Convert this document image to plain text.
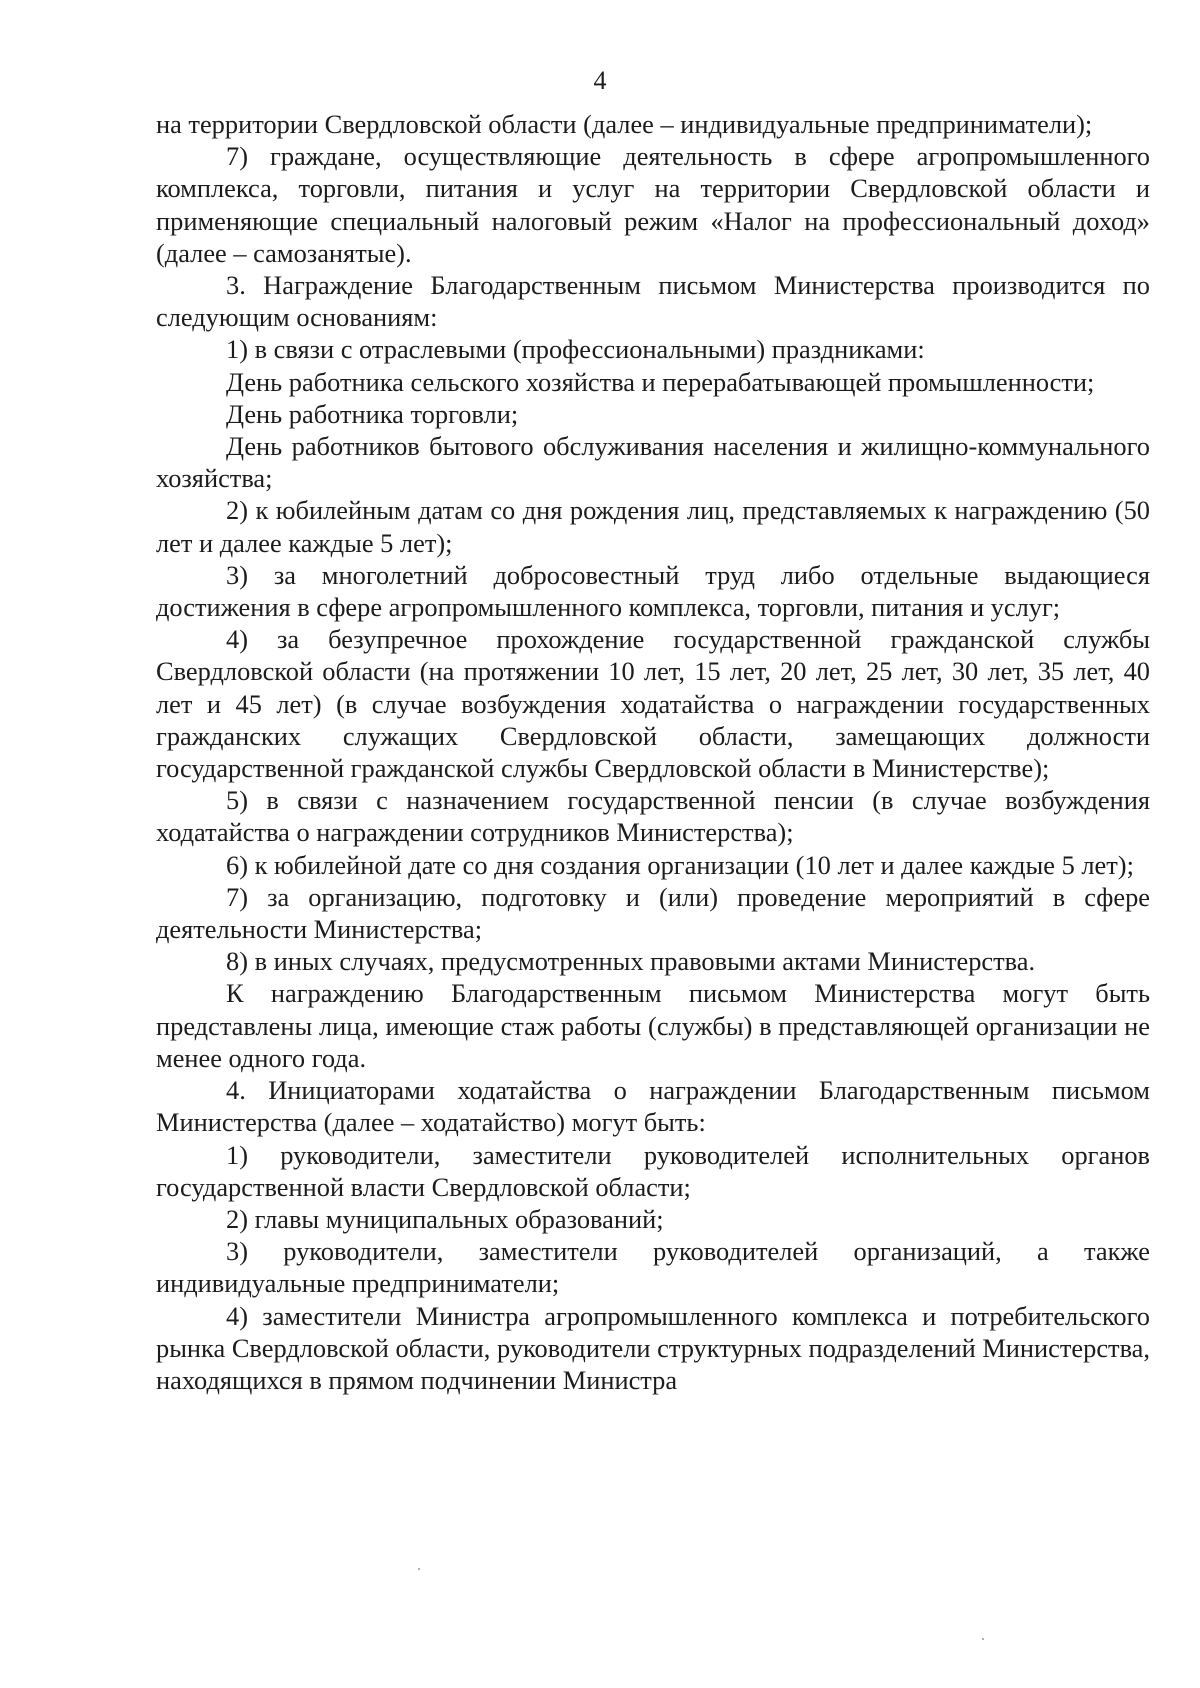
4

на территории Свердловской области (далее – индивидуальные предприниматели);

7) граждане, осуществляющие деятельность в сфере агропромышленного комплекса, торговли, питания и услуг на территории Свердловской области и применяющие специальный налоговый режим «Налог на профессиональный доход» (далее – самозанятые).

3. Награждение Благодарственным письмом Министерства производится по следующим основаниям:

1) в связи с отраслевыми (профессиональными) праздниками:

День работника сельского хозяйства и перерабатывающей промышленности;

День работника торговли;

День работников бытового обслуживания населения и жилищно-коммунального хозяйства;

2) к юбилейным датам со дня рождения лиц, представляемых к награждению (50 лет и далее каждые 5 лет);

3) за многолетний добросовестный труд либо отдельные выдающиеся достижения в сфере агропромышленного комплекса, торговли, питания и услуг;

4) за безупречное прохождение государственной гражданской службы Свердловской области (на протяжении 10 лет, 15 лет, 20 лет, 25 лет, 30 лет, 35 лет, 40 лет и 45 лет) (в случае возбуждения ходатайства о награждении государственных гражданских служащих Свердловской области, замещающих должности государственной гражданской службы Свердловской области в Министерстве);

5) в связи с назначением государственной пенсии (в случае возбуждения ходатайства о награждении сотрудников Министерства);

6) к юбилейной дате со дня создания организации (10 лет и далее каждые 5 лет);

7) за организацию, подготовку и (или) проведение мероприятий в сфере деятельности Министерства;

8) в иных случаях, предусмотренных правовыми актами Министерства.

К награждению Благодарственным письмом Министерства могут быть представлены лица, имеющие стаж работы (службы) в представляющей организации не менее одного года.

4. Инициаторами ходатайства о награждении Благодарственным письмом Министерства (далее – ходатайство) могут быть:

1) руководители, заместители руководителей исполнительных органов государственной власти Свердловской области;

2) главы муниципальных образований;

3) руководители, заместители руководителей организаций, а также индивидуальные предприниматели;

4) заместители Министра агропромышленного комплекса и потребительского рынка Свердловской области, руководители структурных подразделений Министерства, находящихся в прямом подчинении Министра
